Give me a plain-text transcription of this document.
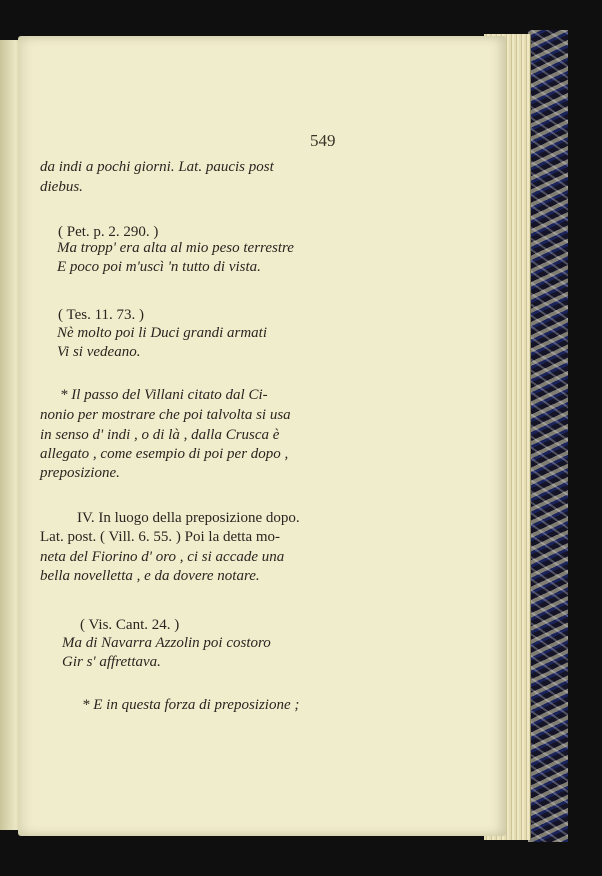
549
da indi a pochi giorni. Lat. paucis post
diebus.
( Pet. p. 2. 290. )
Ma tropp' era alta al mio peso terrestre
E poco poi m'uscì 'n tutto di vista.
( Tes. 11. 73. )
Nè molto poi li Duci grandi armati
Vi si vedeano.
* Il passo del Villani citato dal Ci-
nonio per mostrare che poi talvolta si usa
in senso d' indi , o di là , dalla Crusca è
allegato , come esempio di poi per dopo ,
preposizione.
IV. In luogo della preposizione dopo.
Lat. post. ( Vill. 6. 55. ) Poi la detta mo-
neta del Fiorino d' oro , ci si accade una
bella novelletta , e da dovere notare.
( Vis. Cant. 24. )
Ma di Navarra Azzolin poi costoro
Gir s' affrettava.
* E in questa forza di preposizione ;
